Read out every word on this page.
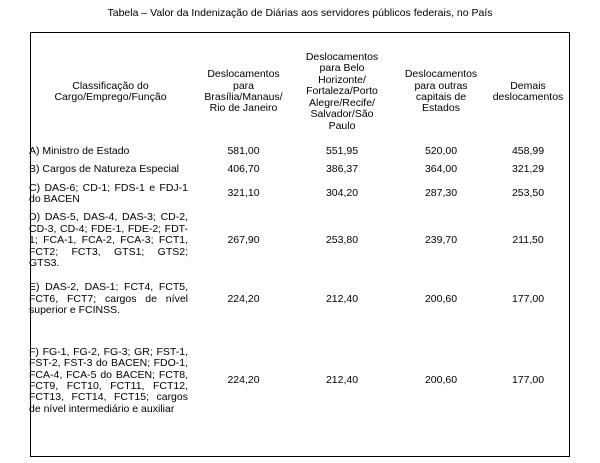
Tabela – Valor da Indenização de Diárias aos servidores públicos federais, no País
Classificação do Cargo/Emprego/Função	Deslocamentos para Brasília/Manaus/ Rio de Janeiro	Deslocamentos para Belo Horizonte/ Fortaleza/Porto Alegre/Recife/ Salvador/São Paulo	Deslocamentos para outras capitais de Estados	Demais deslocamentos
A) Ministro de Estado	581,00	551,95	520,00	458,99
B) Cargos de Natureza Especial	406,70	386,37	364,00	321,29
C) DAS-6; CD-1; FDS-1 e FDJ-1 do BACEN	321,10	304,20	287,30	253,50
D) DAS-5, DAS-4, DAS-3; CD-2, CD-3, CD-4; FDE-1, FDE-2; FDT-1; FCA-1, FCA-2, FCA-3; FCT1, FCT2; FCT3, GTS1; GTS2; GTS3.	267,90	253,80	239,70	211,50
E) DAS-2, DAS-1; FCT4, FCT5, FCT6, FCT7; cargos de nível superior e FCINSS.	224,20	212,40	200,60	177,00
F) FG-1, FG-2, FG-3; GR; FST-1, FST-2, FST-3 do BACEN; FDO-1, FCA-4, FCA-5 do BACEN; FCT8, FCT9, FCT10, FCT11, FCT12, FCT13, FCT14, FCT15; cargos de nível intermediário e auxiliar	224,20	212,40	200,60	177,00
